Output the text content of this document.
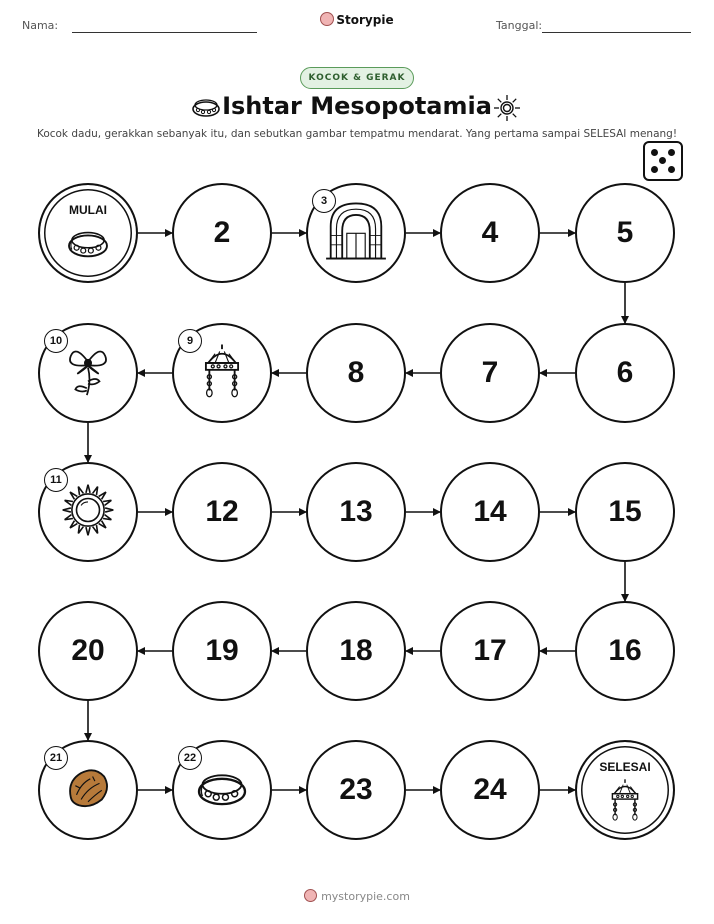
Nama:	Storypie	Tanggal:
KOCOK & GERAK
Ishtar Mesopotamia
Kocok dadu, gerakkan sebanyak itu, dan sebutkan gambar tempatmu mendarat. Yang pertama sampai SELESAI menang!
MULAI
2
3
4	5
6
7
8
9
10
11
12	13	14	15
16
17
18
19
20
21	22
23	24
SELESAI
mystorypie.com
